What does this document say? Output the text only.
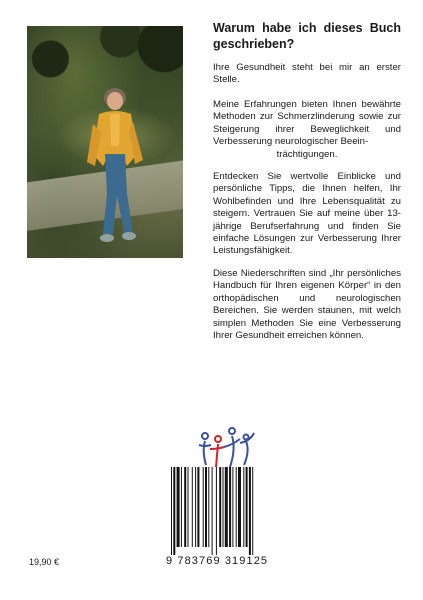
Warum habe ich dieses Buch geschrieben?

Ihre Gesundheit steht bei mir an erster Stelle.

Meine Erfahrungen bieten Ihnen bewährte Methoden zur Schmerzlinderung sowie zur Steigerung ihrer Beweglichkeit und Verbesserung neurologischer Beein-
trächtigungen.

Entdecken Sie wertvolle Einblicke und persönliche Tipps, die Ihnen helfen, Ihr Wohlbefinden und Ihre Lebensqualität zu steigern. Vertrauen Sie auf meine über 13- jährige Berufserfahrung und finden Sie einfache Lösungen zur Verbesserung Ihrer Leistungsfähigkeit.

Diese Niederschriften sind „Ihr persönliches Handbuch für Ihren eigenen Körper“ in den orthopädischen und neurologischen Bereichen. Sie werden staunen, mit welch simplen Methoden Sie eine Verbesserung Ihrer Gesundheit erreichen können.

9 783769 319125
19,90 €
